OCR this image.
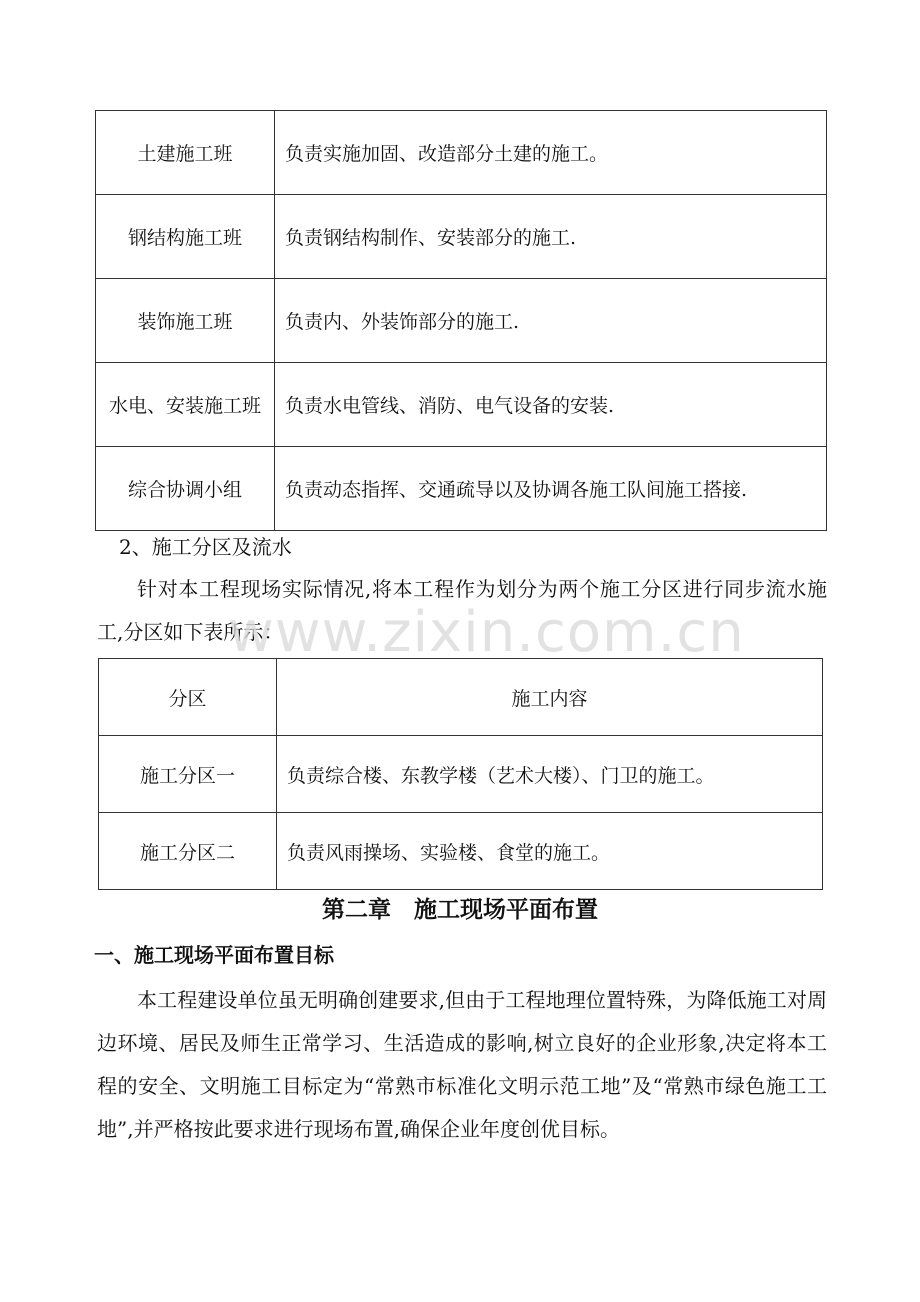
土建施工班	负责实施加固、改造部分土建的施工。
钢结构施工班	负责钢结构制作、安装部分的施工.
装饰施工班	负责内、外装饰部分的施工.
水电、安装施工班	负责水电管线、消防、电气设备的安装.
综合协调小组	负责动态指挥、交通疏导以及协调各施工队间施工搭接.
2、施工分区及流水

针对本工程现场实际情况,将本工程作为划分为两个施工分区进行同步流水施工,分区如下表所示：

www.zixin.com.cn
分区	施工内容
施工分区一	负责综合楼、东教学楼（艺术大楼）、门卫的施工。
施工分区二	负责风雨操场、实验楼、食堂的施工。
第二章　施工现场平面布置
一、施工现场平面布置目标

本工程建设单位虽无明确创建要求,但由于工程地理位置特殊，为降低施工对周边环境、居民及师生正常学习、生活造成的影响,树立良好的企业形象,决定将本工程的安全、文明施工目标定为“常熟市标准化文明示范工地”及“常熟市绿色施工工地”,并严格按此要求进行现场布置,确保企业年度创优目标。
